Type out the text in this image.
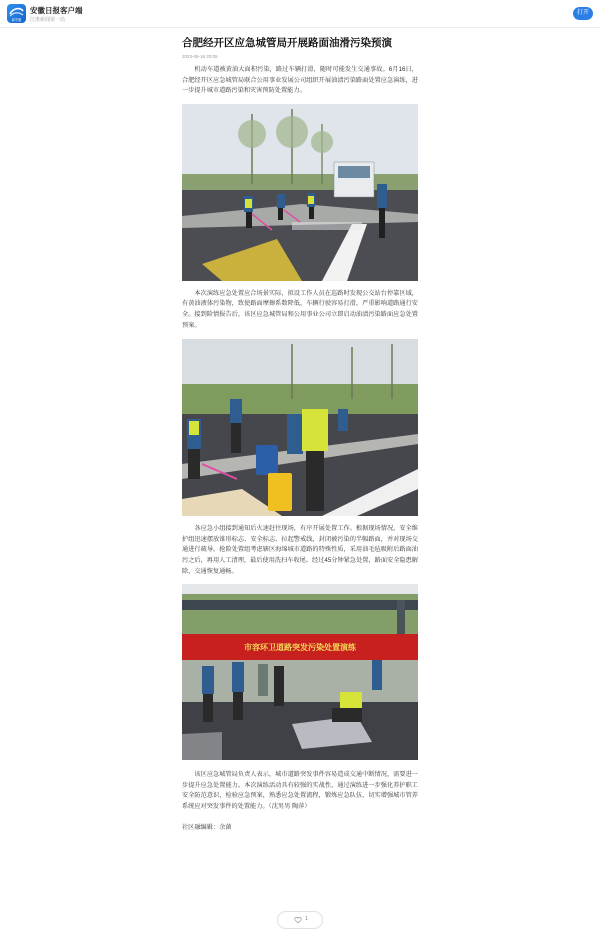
新安徽
安徽日报客户端
江淮新闻第一站
打开
合肥经开区应急城管局开展路面油滑污染预演
2023-06-16 20:05

机动车道被黄油大面积污染，路过车辆打滑，随时可能发生交通事故。6月16日，合肥经开区应急城管局联合公用事业发展公司组织开展油渍污染路面处置应急演练，进一步提升城市道路污染和灾害预防处置能力。

本次演练应急处置应合场景实际，拟设工作人员在巡路时发现公交站台停靠区域，有黄油液体污染物，致使路面摩擦系数降低，车辆行驶容易打滑，严重影响道路通行安全。接到险情报告后，该区应急城管局和公用事业公司立即启动油渍污染路面应急处置预案。

各应急小组接到通知后火速赶往现场，有序开展处置工作。根据现场情况，安全维护组迅速摆放锥形标志、安全标志，拉起警戒线，封闭被污染的半幅路面，并对现场交通进行疏导。抢险处置组考虑辖区海绵城市道路的特殊性质，采用油毛毡吸附后路面油污之后，再用人工清理，最后使用洗扫车收尾。经过45分钟紧急处置，路面安全隐患解除，交通恢复通畅。

市容环卫道路突发污染处置演练

该区应急城管局负责人表示，城市道路突发事件容易造成交通中断情况，需要进一步提升应急处置能力。本次演练活动具有较强的实战性，通过演练进一步强化养护职工安全防范意识，检验应急预案，熟悉应急处置流程，锻炼应急队伍，切实增强城市管养系统应对突发事件的处置能力。（沈男男 陶萍）

社区融编辑：余菌
1
